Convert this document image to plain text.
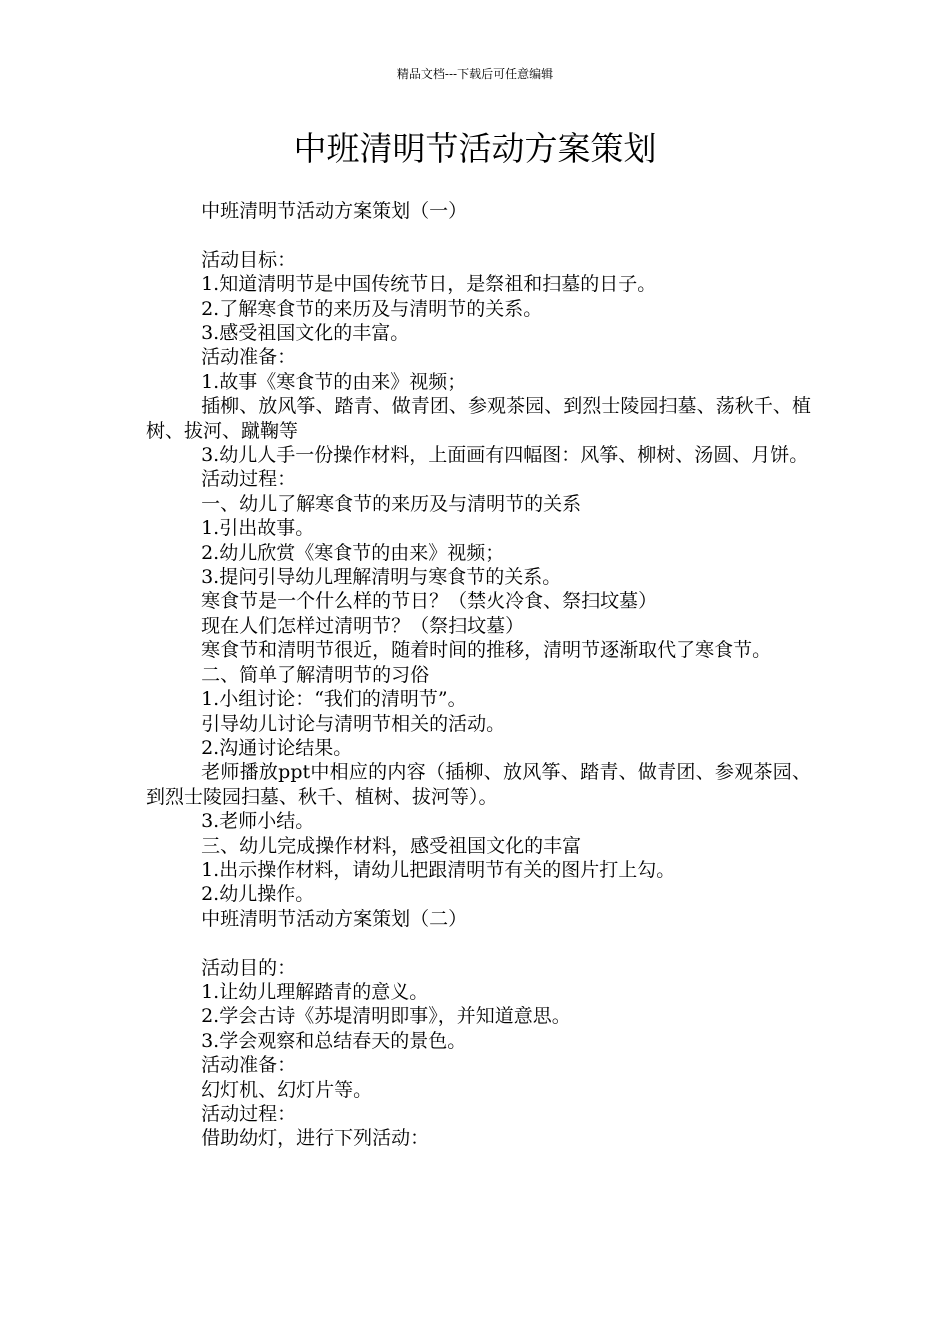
精品文档---下载后可任意编辑
中班清明节活动方案策划

中班清明节活动方案策划（一）

活动目标：

1.知道清明节是中国传统节日，是祭祖和扫墓的日子。

2.了解寒食节的来历及与清明节的关系。

3.感受祖国文化的丰富。

活动准备：

1.故事《寒食节的由来》视频；

插柳、放风筝、踏青、做青团、参观茶园、到烈士陵园扫墓、荡秋千、植树、拔河、蹴鞠等

3.幼儿人手一份操作材料，上面画有四幅图：风筝、柳树、汤圆、月饼。

活动过程：

一、幼儿了解寒食节的来历及与清明节的关系

1.引出故事。

2.幼儿欣赏《寒食节的由来》视频；

3.提问引导幼儿理解清明与寒食节的关系。

寒食节是一个什么样的节日？（禁火冷食、祭扫坟墓）

现在人们怎样过清明节？（祭扫坟墓）

寒食节和清明节很近，随着时间的推移，清明节逐渐取代了寒食节。

二、简单了解清明节的习俗

1.小组讨论：“我们的清明节”。

引导幼儿讨论与清明节相关的活动。

2.沟通讨论结果。

老师播放ppt中相应的内容（插柳、放风筝、踏青、做青团、参观茶园、到烈士陵园扫墓、秋千、植树、拔河等）。

3.老师小结。

三、幼儿完成操作材料，感受祖国文化的丰富

1.出示操作材料，请幼儿把跟清明节有关的图片打上勾。

2.幼儿操作。

中班清明节活动方案策划（二）

活动目的：

1.让幼儿理解踏青的意义。

2.学会古诗《苏堤清明即事》，并知道意思。

3.学会观察和总结春天的景色。

活动准备：

幻灯机、幻灯片等。

活动过程：

借助幼灯，进行下列活动：
